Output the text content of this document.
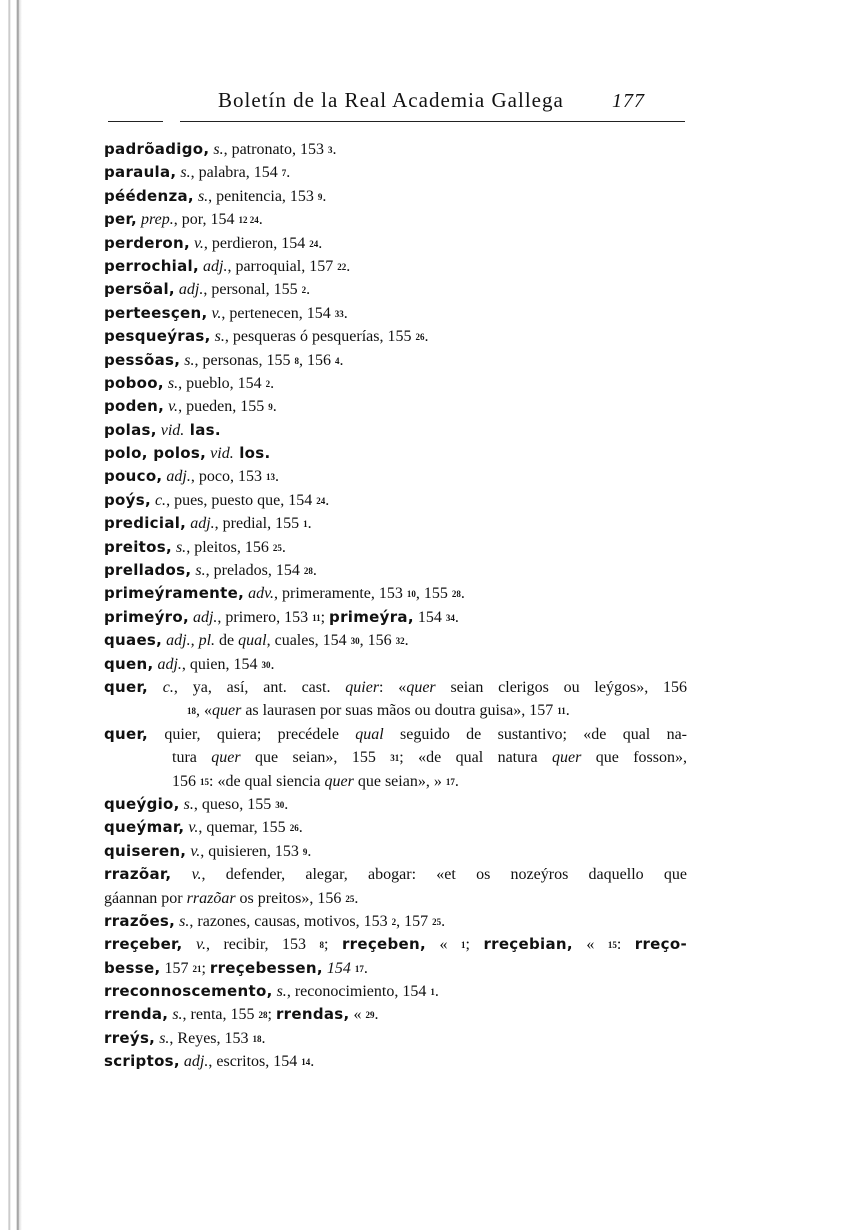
Boletín de la Real Academia Gallega 177
padrõadigo, s., patronato, 153 3.
paraula, s., palabra, 154 7.
péédenza, s., penitencia, 153 9.
per, prep., por, 154 12 24.
perderon, v., perdieron, 154 24.
perrochial, adj., parroquial, 157 22.
persõal, adj., personal, 155 2.
perteesçen, v., pertenecen, 154 33.
pesqueýras, s., pesqueras ó pesquerías, 155 26.
pessõas, s., personas, 155 8, 156 4.
poboo, s., pueblo, 154 2.
poden, v., pueden, 155 9.
polas, vid. las.
polo, polos, vid. los.
pouco, adj., poco, 153 13.
poýs, c., pues, puesto que, 154 24.
predicial, adj., predial, 155 1.
preitos, s., pleitos, 156 25.
prellados, s., prelados, 154 28.
primeýramente, adv., primeramente, 153 10, 155 28.
primeýro, adj., primero, 153 11; primeýra, 154 34.
quaes, adj., pl. de qual, cuales, 154 30, 156 32.
quen, adj., quien, 154 30.
quer, c., ya, así, ant. cast. quier: «quer seian clerigos ou leýgos», 156
18, «quer as laurasen por suas mãos ou doutra guisa», 157 11.
quer, quier, quiera; precédele qual seguido de sustantivo; «de qual na-
tura quer que seian», 155 31; «de qual natura quer que fosson»,
156 15: «de qual siencia quer que seian», » 17.
queýgio, s., queso, 155 30.
queýmar, v., quemar, 155 26.
quiseren, v., quisieren, 153 9.
rrazõar, v., defender, alegar, abogar: «et os nozeýros daquello que
gáannan por rrazõar os preitos», 156 25.
rrazões, s., razones, causas, motivos, 153 2, 157 25.
rreçeber, v., recibir, 153 8; rreçeben, « 1; rreçebian, « 15: rreço-
besse, 157 21; rreçebessen, 154 17.
rreconnoscemento, s., reconocimiento, 154 1.
rrenda, s., renta, 155 28; rrendas, « 29.
rreýs, s., Reyes, 153 18.
scriptos, adj., escritos, 154 14.
